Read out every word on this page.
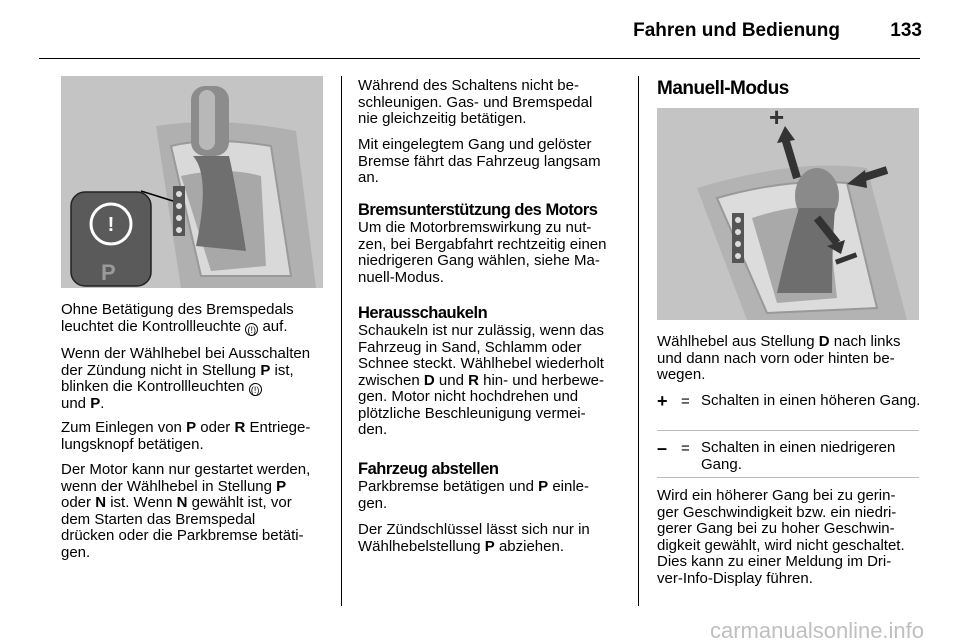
Fahren und Bedienung	133
!
P

Ohne Betätigung des Bremspedals

leuchtet die Kontrollleuchte (!) auf.

Wenn der Wählhebel bei Ausschalten

der Zündung nicht in Stellung P ist,

blinken die Kontrollleuchten (!)

und P.

Zum Einlegen von P oder R Entriege-

lungsknopf betätigen.

Der Motor kann nur gestartet werden,

wenn der Wählhebel in Stellung P

oder N ist. Wenn N gewählt ist, vor

dem Starten das Bremspedal

drücken oder die Parkbremse betäti-

gen.

Während des Schaltens nicht be-

schleunigen. Gas- und Bremspedal

nie gleichzeitig betätigen.

Mit eingelegtem Gang und gelöster

Bremse fährt das Fahrzeug langsam

an.

Bremsunterstützung des Motors

Um die Motorbremswirkung zu nut-

zen, bei Bergabfahrt rechtzeitig einen

niedrigeren Gang wählen, siehe Ma-

nuell-Modus.

Herausschaukeln

Schaukeln ist nur zulässig, wenn das

Fahrzeug in Sand, Schlamm oder

Schnee steckt. Wählhebel wiederholt

zwischen D und R hin- und herbewe-

gen. Motor nicht hochdrehen und

plötzliche Beschleunigung vermei-

den.

Fahrzeug abstellen

Parkbremse betätigen und P einle-

gen.

Der Zündschlüssel lässt sich nur in

Wählhebelstellung P abziehen.

Manuell-Modus
+

Wählhebel aus Stellung D nach links

und dann nach vorn oder hinten be-

wegen.

+ = Schalten in einen höheren Gang.

– = Schalten in einen niedrigeren Gang.

Wird ein höherer Gang bei zu gerin-

ger Geschwindigkeit bzw. ein niedri-

gerer Gang bei zu hoher Geschwin-

digkeit gewählt, wird nicht geschaltet.

Dies kann zu einer Meldung im Dri-

ver-Info-Display führen.

carmanualsonline.info
